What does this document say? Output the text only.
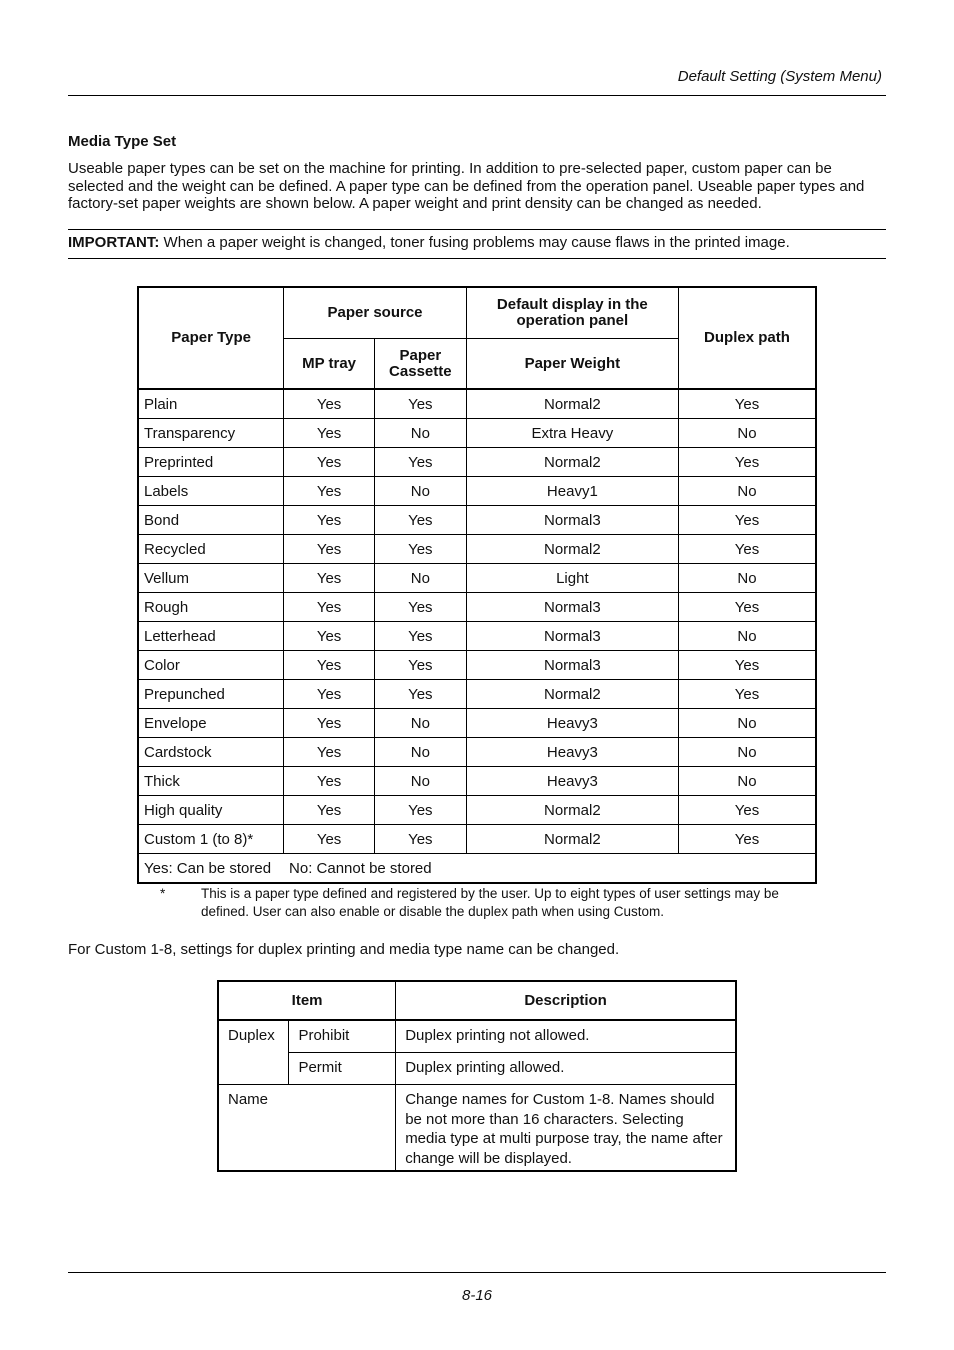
Default Setting (System Menu)
Media Type Set

Useable paper types can be set on the machine for printing. In addition to pre-selected paper, custom paper can be selected and the weight can be defined. A paper type can be defined from the operation panel. Useable paper types and factory-set paper weights are shown below. A paper weight and print density can be changed as needed.

IMPORTANT: When a paper weight is changed, toner fusing problems may cause flaws in the printed image.
Paper Type	Paper source		Default display in the operation panel	Duplex path
	MP tray	Paper Cassette	Paper Weight	
Plain	Yes	Yes	Normal2	Yes
Transparency	Yes	No	Extra Heavy	No
Preprinted	Yes	Yes	Normal2	Yes
Labels	Yes	No	Heavy1	No
Bond	Yes	Yes	Normal3	Yes
Recycled	Yes	Yes	Normal2	Yes
Vellum	Yes	No	Light	No
Rough	Yes	Yes	Normal3	Yes
Letterhead	Yes	Yes	Normal3	No
Color	Yes	Yes	Normal3	Yes
Prepunched	Yes	Yes	Normal2	Yes
Envelope	Yes	No	Heavy3	No
Cardstock	Yes	No	Heavy3	No
Thick	Yes	No	Heavy3	No
High quality	Yes	Yes	Normal2	Yes
Custom 1 (to 8)*	Yes	Yes	Normal2	Yes
Yes: Can be stored No: Cannot be stored				
*	This is a paper type defined and registered by the user. Up to eight types of user settings may be defined. User can also enable or disable the duplex path when using Custom.
For Custom 1-8, settings for duplex printing and media type name can be changed.
Item		Description
Duplex	Prohibit	Duplex printing not allowed.
	Permit	Duplex printing allowed.
Name		Change names for Custom 1-8. Names should be not more than 16 characters. Selecting media type at multi purpose tray, the name after change will be displayed.
8-16
